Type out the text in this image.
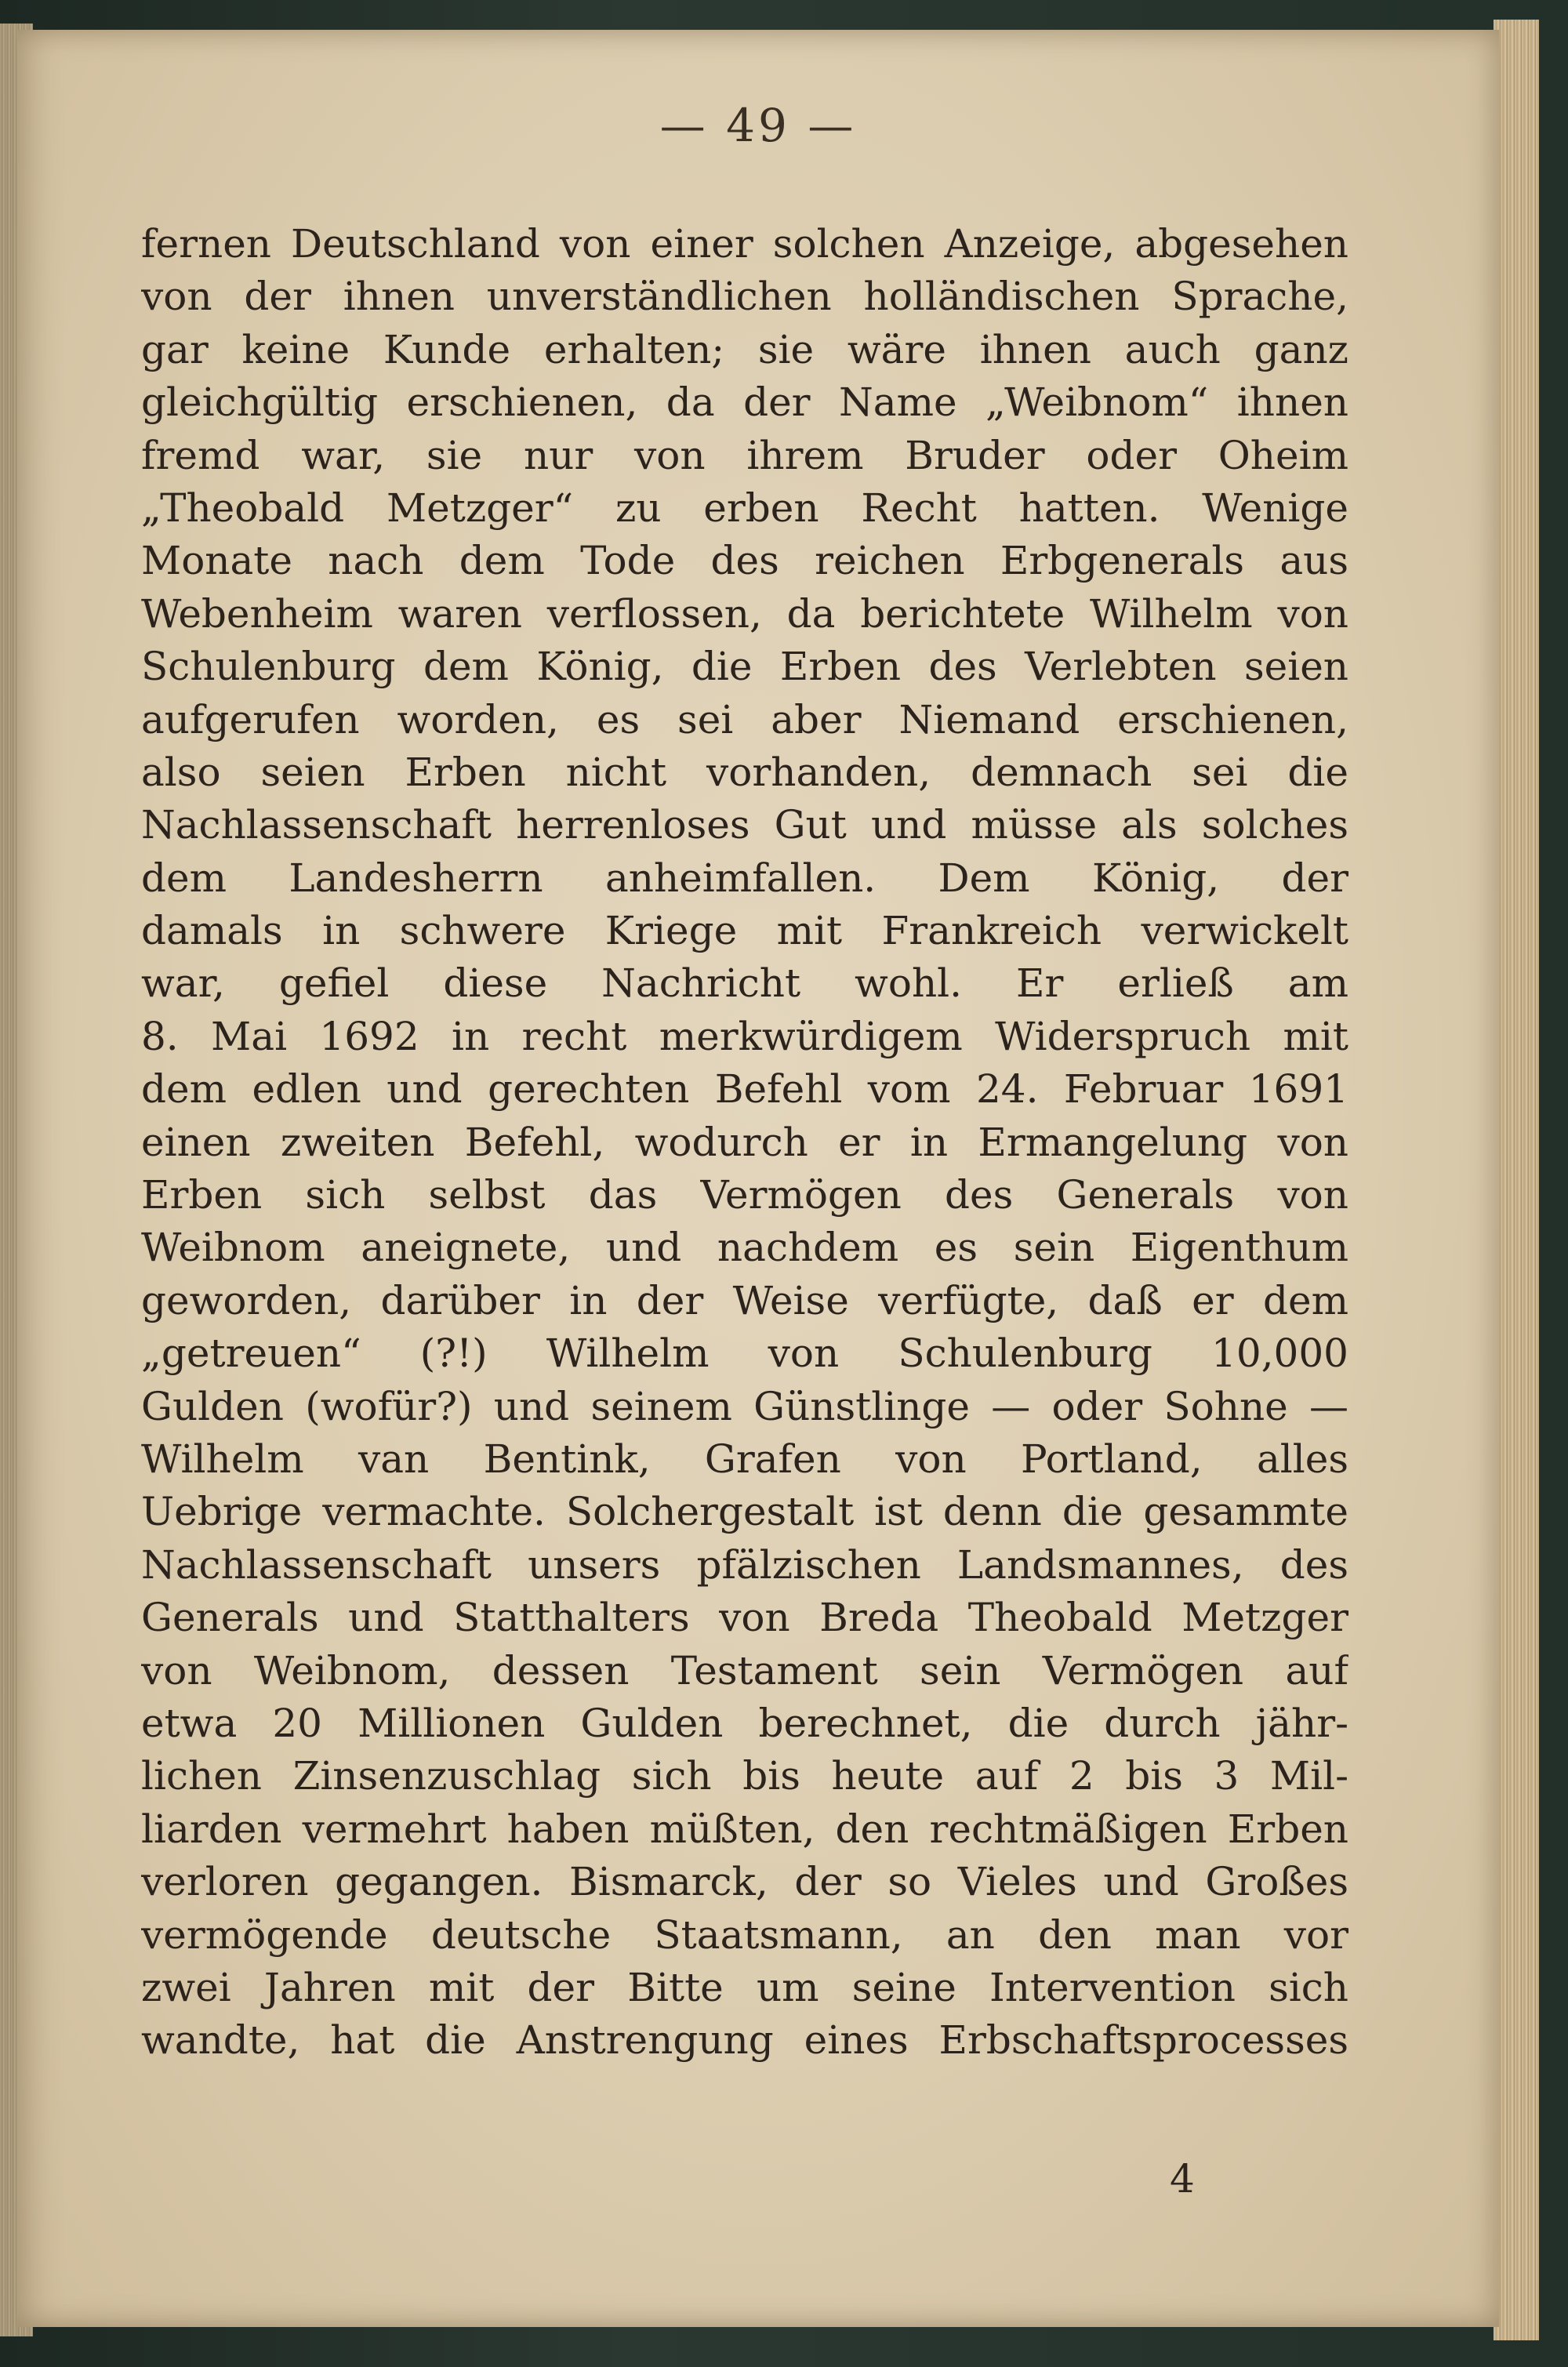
— 49 —
fernen Deutschland von einer solchen Anzeige, abgesehen
von der ihnen unverständlichen holländischen Sprache,
gar keine Kunde erhalten; sie wäre ihnen auch ganz
gleichgültig erschienen, da der Name „Weibnom“ ihnen
fremd war, sie nur von ihrem Bruder oder Oheim
„Theobald Metzger“ zu erben Recht hatten. Wenige
Monate nach dem Tode des reichen Erbgenerals aus
Webenheim waren verflossen, da berichtete Wilhelm von
Schulenburg dem König, die Erben des Verlebten seien
aufgerufen worden, es sei aber Niemand erschienen,
also seien Erben nicht vorhanden, demnach sei die
Nachlassenschaft herrenloses Gut und müsse als solches
dem Landesherrn anheimfallen. Dem König, der
damals in schwere Kriege mit Frankreich verwickelt
war, gefiel diese Nachricht wohl. Er erließ am
8. Mai 1692 in recht merkwürdigem Widerspruch mit
dem edlen und gerechten Befehl vom 24. Februar 1691
einen zweiten Befehl, wodurch er in Ermangelung von
Erben sich selbst das Vermögen des Generals von
Weibnom aneignete, und nachdem es sein Eigenthum
geworden, darüber in der Weise verfügte, daß er dem
„getreuen“ (?!) Wilhelm von Schulenburg 10,000
Gulden (wofür?) und seinem Günstlinge — oder Sohne —
Wilhelm van Bentink, Grafen von Portland, alles
Uebrige vermachte. Solchergestalt ist denn die gesammte
Nachlassenschaft unsers pfälzischen Landsmannes, des
Generals und Statthalters von Breda Theobald Metzger
von Weibnom, dessen Testament sein Vermögen auf
etwa 20 Millionen Gulden berechnet, die durch jähr-
lichen Zinsenzuschlag sich bis heute auf 2 bis 3 Mil-
liarden vermehrt haben müßten, den rechtmäßigen Erben
verloren gegangen. Bismarck, der so Vieles und Großes
vermögende deutsche Staatsmann, an den man vor
zwei Jahren mit der Bitte um seine Intervention sich
wandte, hat die Anstrengung eines Erbschaftsprocesses
4
